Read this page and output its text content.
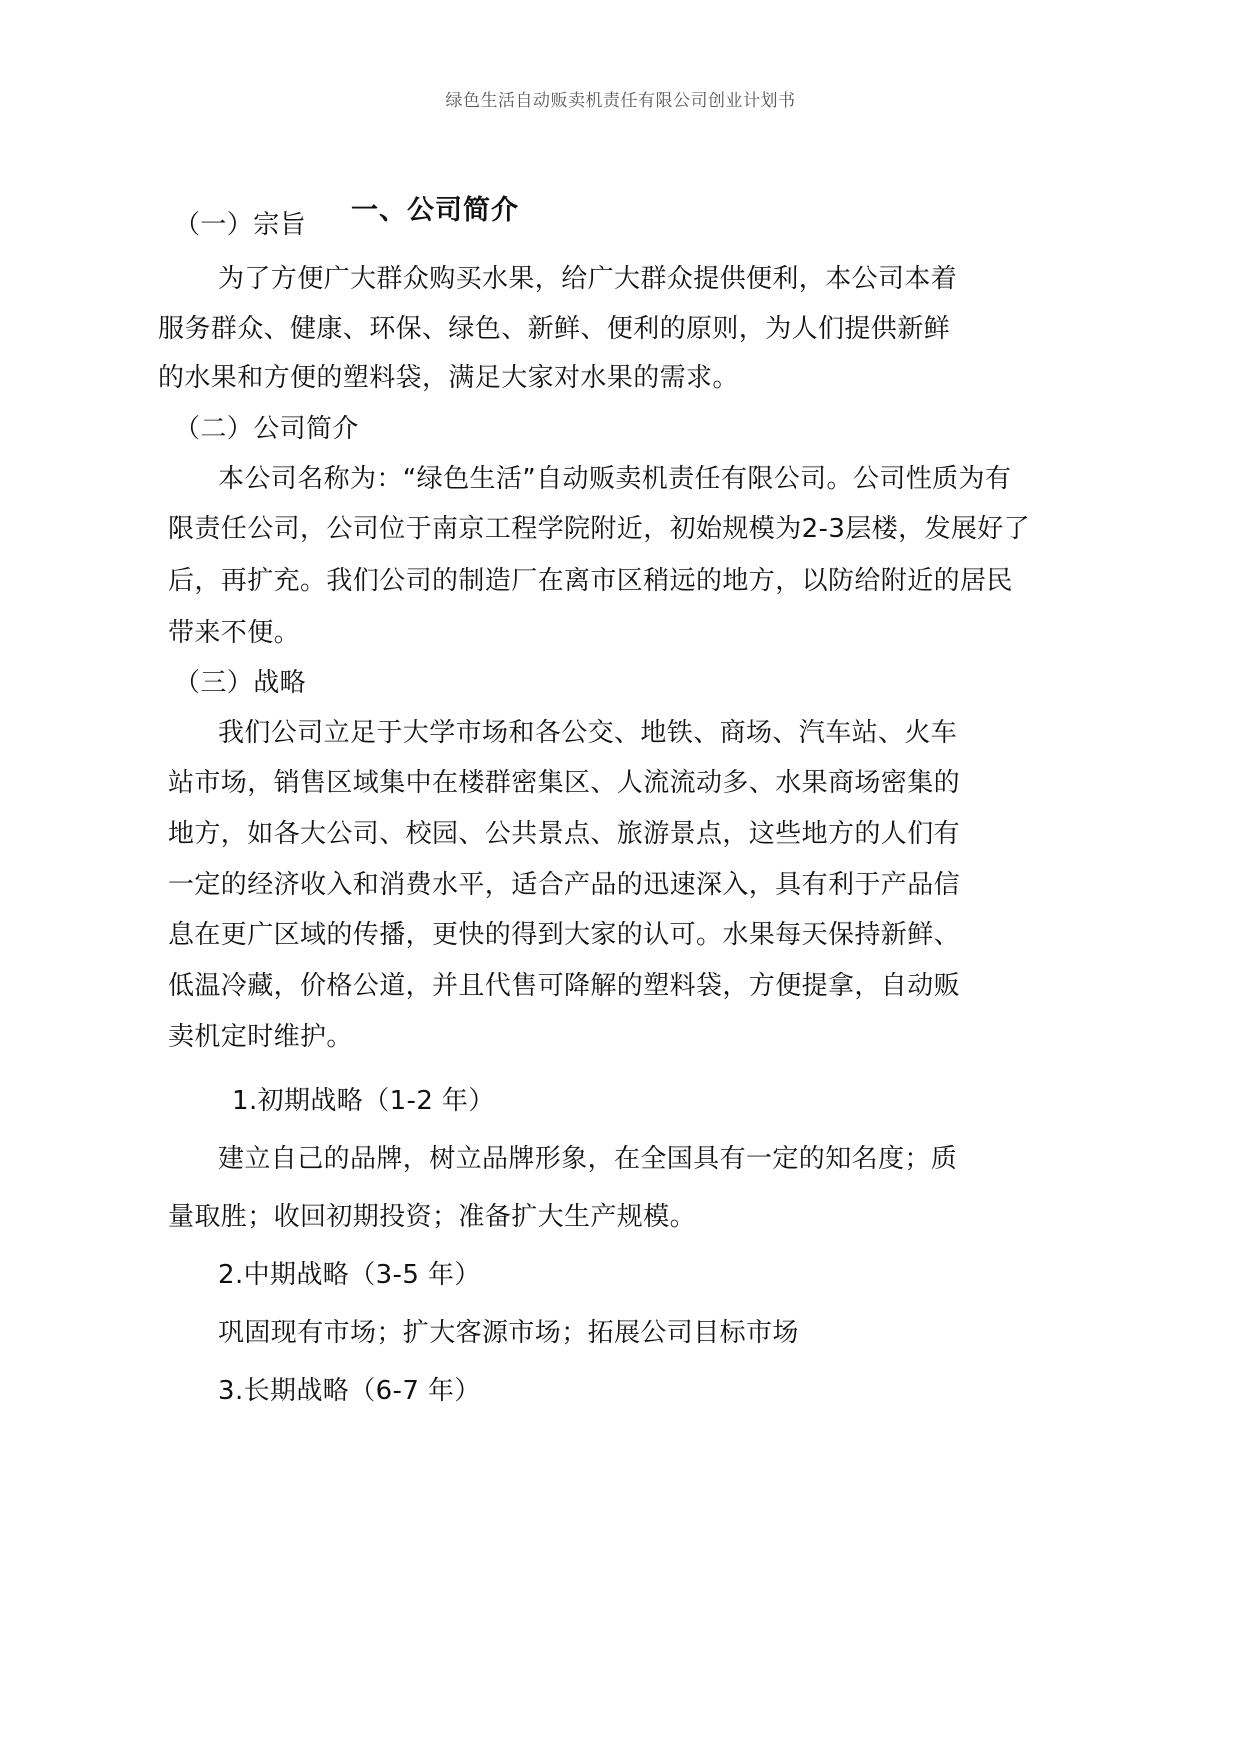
绿色生活自动贩卖机责任有限公司创业计划书
一、公司简介
（一）宗旨
为了方便广大群众购买水果，给广大群众提供便利，本公司本着
服务群众、健康、环保、绿色、新鲜、便利的原则，为人们提供新鲜
的水果和方便的塑料袋，满足大家对水果的需求。
（二）公司简介
本公司名称为：“绿色生活”自动贩卖机责任有限公司。公司性质为有
限责任公司，公司位于南京工程学院附近，初始规模为2-3层楼，发展好了
后，再扩充。我们公司的制造厂在离市区稍远的地方，以防给附近的居民
带来不便。
（三）战略
我们公司立足于大学市场和各公交、地铁、商场、汽车站、火车
站市场，销售区域集中在楼群密集区、人流流动多、水果商场密集的
地方，如各大公司、校园、公共景点、旅游景点，这些地方的人们有
一定的经济收入和消费水平，适合产品的迅速深入，具有利于产品信
息在更广区域的传播，更快的得到大家的认可。水果每天保持新鲜、
低温冷藏，价格公道，并且代售可降解的塑料袋，方便提拿，自动贩
卖机定时维护。
1.初期战略（1-2 年）
建立自己的品牌，树立品牌形象，在全国具有一定的知名度；质
量取胜；收回初期投资；准备扩大生产规模。
2.中期战略（3-5 年）
巩固现有市场；扩大客源市场；拓展公司目标市场
3.长期战略（6-7 年）
